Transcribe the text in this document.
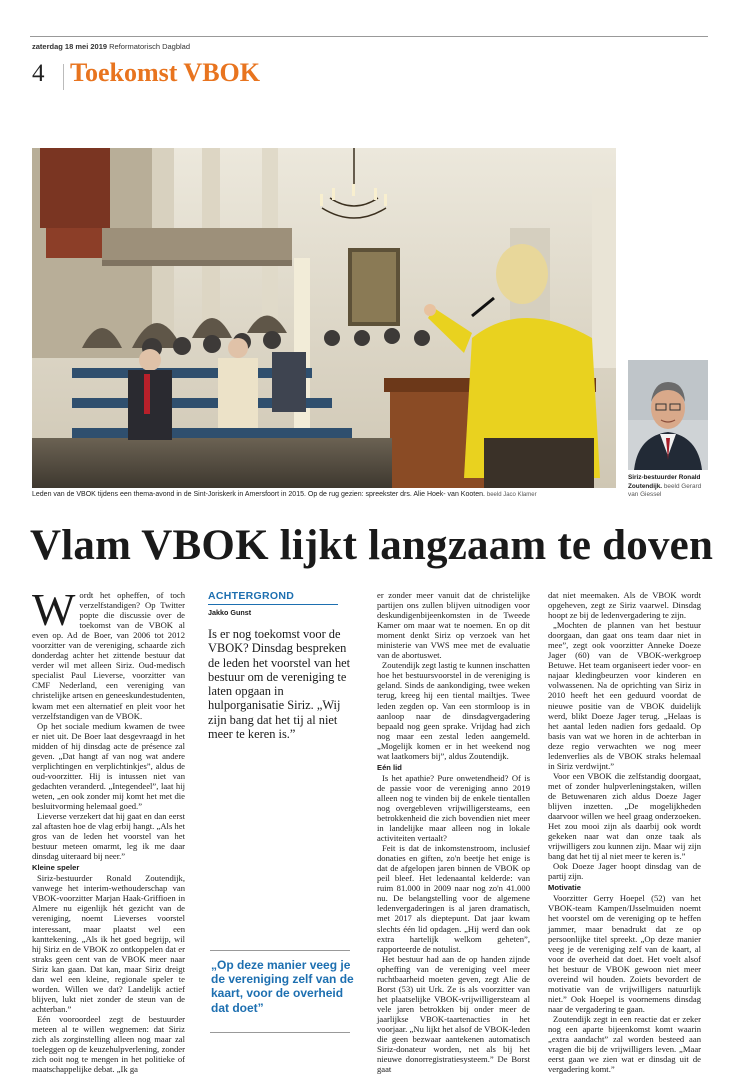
zaterdag 18 mei 2019 Reformatorisch Dagblad
4 Toekomst VBOK
Leden van de VBOK tijdens een thema-avond in de Sint-Joriskerk in Amersfoort in 2015. Op de rug gezien: spreekster drs. Alie Hoek- van Kooten. beeld Jaco Klamer
Siriz-bestuurder Ronald Zoutendijk. beeld Gerard van Giessel
Vlam VBOK lijkt langzaam te doven
W ordt het opheffen, of toch verzelfstandigen? Op Twitter popte die discussie over de toekomst van de VBOK al even op. Ad de Boer, van 2006 tot 2012 voorzitter van de vereniging, schaarde zich donderdag achter het zittende bestuur dat verder wil met alleen Siriz. Oud-medisch specialist Paul Lieverse, voorzitter van CMF Nederland, een vereniging van christelijke artsen en geneeskundestudenten, kwam met een alternatief en pleit voor het verzelfstandigen van de VBOK.

Op het sociale medium kwamen de twee er niet uit. De Boer laat desgevraagd in het midden of hij dinsdag acte de présence zal geven. „Dat hangt af van nog wat andere verplichtingen en verplichtinkjes”, aldus de oud-voorzitter. Hij is intussen niet van gedachten veranderd. „Integendeel”, laat hij weten, „en ook zonder mij komt het met die besluitvorming helemaal goed.”

Lieverse verzekert dat hij gaat en dan eerst zal aftasten hoe de vlag erbij hangt. „Als het gros van de leden het voorstel van het bestuur meteen omarmt, leg ik me daar dinsdag uiteraard bij neer.”

Kleine speler

Siriz-bestuurder Ronald Zoutendijk, vanwege het interim-wethouderschap van VBOK-voorzitter Marjan Haak-Griffioen in Almere nu eigenlijk hét gezicht van de vereniging, noemt Lieverses voorstel interessant, maar plaatst wel een kanttekening. „Als ik het goed begrijp, wil hij Siriz en de VBOK zo ontkoppelen dat er straks geen cent van de VBOK meer naar Siriz kan gaan. Dat kan, maar Siriz dreigt dan wel een kleine, regionale speler te worden. Willen we dat? Landelijk actief blijven, lukt niet zonder de steun van de achterban.”

Eén vooroordeel zegt de bestuurder meteen al te willen wegnemen: dat Siriz zich als zorginstelling alleen nog maar zal toeleggen op de keuzehulpverlening, zonder zich ooit nog te mengen in het politieke of maatschappelijke debat. „Ik ga

ACHTERGROND
Jakko Gunst
Is er nog toekomst voor de VBOK? Dinsdag bespreken de leden het voorstel van het bestuur om de vereniging te laten opgaan in hulporganisatie Siriz. „Wij zijn bang dat het tij al niet meer te keren is.”
„Op deze manier veeg je de vereniging zelf van de kaart, voor de overheid dat doet”

er zonder meer vanuit dat de christelijke partijen ons zullen blijven uitnodigen voor deskundigenbijeenkomsten in de Tweede Kamer om maar wat te noemen. En op dit moment denkt Siriz op verzoek van het ministerie van VWS mee met de evaluatie van de abortuswet.

Zoutendijk zegt lastig te kunnen inschatten hoe het bestuursvoorstel in de vereniging is geland. Sinds de aankondiging, twee weken terug, kreeg hij een tiental mailtjes. Twee leden zegden op. Van een stormloop is in aanloop naar de dinsdagvergadering bepaald nog geen sprake. Vrijdag had zich nog maar een zestal leden aangemeld. „Mogelijk komen er in het weekend nog wat laatkomers bij”, aldus Zoutendijk.

Eén lid

Is het apathie? Pure onwetendheid? Of is de passie voor de vereniging anno 2019 alleen nog te vinden bij de enkele tientallen nog overgebleven vrijwilligersteams, een betrokkenheid die zich bovendien niet meer in landelijke maar alleen nog in lokale activiteiten vertaalt?

Feit is dat de inkomstenstroom, inclusief donaties en giften, zo'n beetje het enige is dat de afgelopen jaren binnen de VBOK op peil bleef. Het ledenaantal kelderde: van ruim 81.000 in 2009 naar nog zo'n 41.000 nu. De belangstelling voor de algemene ledenvergaderingen is al jaren dramatisch, met 2017 als dieptepunt. Dat jaar kwam slechts één lid opdagen. „Hij werd dan ook extra hartelijk welkom geheten”, rapporteerde de notulist.

Het bestuur had aan de op handen zijnde opheffing van de vereniging veel meer ruchtbaarheid moeten geven, zegt Alie de Borst (53) uit Urk. Ze is als voorzitter van het plaatselijke VBOK-vrijwilligersteam al vele jaren betrokken bij onder meer de jaarlijkse VBOK-taartenacties in het voorjaar. „Nu lijkt het alsof de VBOK-leden die geen bezwaar aantekenen automatisch Siriz-donateur worden, net als bij het nieuwe donorregistratiesysteem.” De Borst gaat

dat niet meemaken. Als de VBOK wordt opgeheven, zegt ze Siriz vaarwel. Dinsdag hoopt ze bij de ledenvergadering te zijn.

„Mochten de plannen van het bestuur doorgaan, dan gaat ons team daar niet in mee”, zegt ook voorzitter Anneke Doeze Jager (60) van de VBOK-werkgroep Betuwe. Het team organiseert ieder voor- en najaar kledingbeurzen voor kinderen en volwassenen. Na de oprichting van Siriz in 2010 heeft het een geduurd voordat de nieuwe positie van de VBOK duidelijk werd, blikt Doeze Jager terug. „Helaas is het aantal leden nadien fors gedaald. Op basis van wat we horen in de achterban in deze regio verwachten we nog meer ledenverlies als de VBOK straks helemaal in Siriz verdwijnt.”

Voor een VBOK die zelfstandig doorgaat, met of zonder hulpverleningstaken, willen de Betuwenaren zich aldus Doeze Jager blijven inzetten. „De mogelijkheden daarvoor willen we heel graag onderzoeken. Het zou mooi zijn als daarbij ook wordt gekeken naar wat dan onze taak als vrijwilligers zou kunnen zijn. Maar wij zijn bang dat het tij al niet meer te keren is.”

Ook Doeze Jager hoopt dinsdag van de partij zijn.

Motivatie

Voorzitter Gerry Hoepel (52) van het VBOK-team Kampen/IJsselmuiden noemt het voorstel om de vereniging op te heffen jammer, maar benadrukt dat ze op persoonlijke titel spreekt. „Op deze manier veeg je de vereniging zelf van de kaart, al voor de overheid dat doet. Het voelt alsof het bestuur de VBOK gewoon niet meer overeind wil houden. Zoiets bevordert de motivatie van de vrijwilligers natuurlijk niet.” Ook Hoepel is voornemens dinsdag naar de vergadering te gaan.

Zoutendijk zegt in een reactie dat er zeker nog een aparte bijeenkomst komt waarin „extra aandacht” zal worden besteed aan vragen die bij de vrijwilligers leven. „Maar eerst gaan we zien wat er dinsdag uit de vergadering komt.”
